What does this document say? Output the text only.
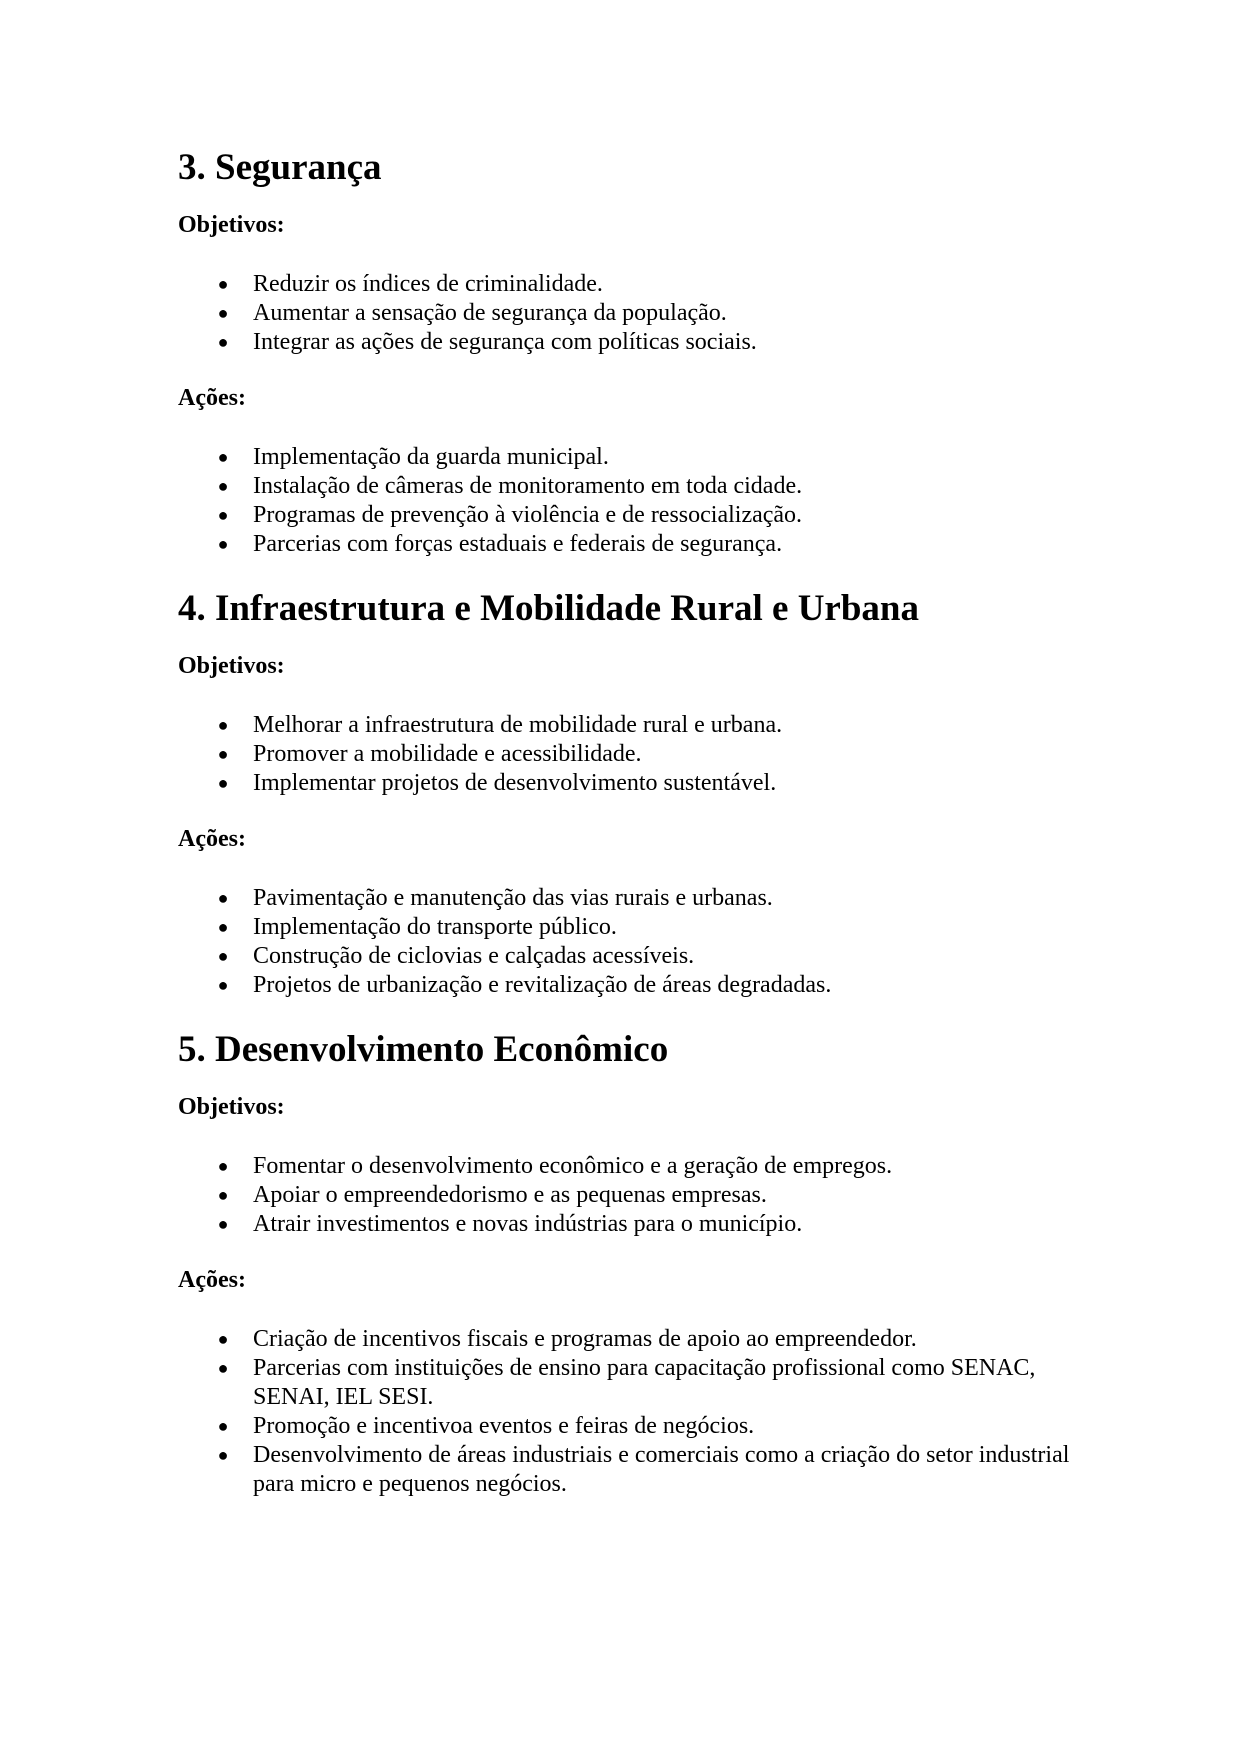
3. Segurança
Objetivos:
● Reduzir os índices de criminalidade.
● Aumentar a sensação de segurança da população.
● Integrar as ações de segurança com políticas sociais.
Ações:
● Implementação da guarda municipal.
● Instalação de câmeras de monitoramento em toda cidade.
● Programas de prevenção à violência e de ressocialização.
● Parcerias com forças estaduais e federais de segurança.
4. Infraestrutura e Mobilidade Rural e Urbana
Objetivos:
● Melhorar a infraestrutura de mobilidade rural e urbana.
● Promover a mobilidade e acessibilidade.
● Implementar projetos de desenvolvimento sustentável.
Ações:
● Pavimentação e manutenção das vias rurais e urbanas.
● Implementação do transporte público.
● Construção de ciclovias e calçadas acessíveis.
● Projetos de urbanização e revitalização de áreas degradadas.
5. Desenvolvimento Econômico
Objetivos:
● Fomentar o desenvolvimento econômico e a geração de empregos.
● Apoiar o empreendedorismo e as pequenas empresas.
● Atrair investimentos e novas indústrias para o município.
Ações:
● Criação de incentivos fiscais e programas de apoio ao empreendedor.
● Parcerias com instituições de ensino para capacitação profissional como SENAC, SENAI, IEL SESI.
● Promoção e incentivoa eventos e feiras de negócios.
● Desenvolvimento de áreas industriais e comerciais como a criação do setor industrial para micro e pequenos negócios.
